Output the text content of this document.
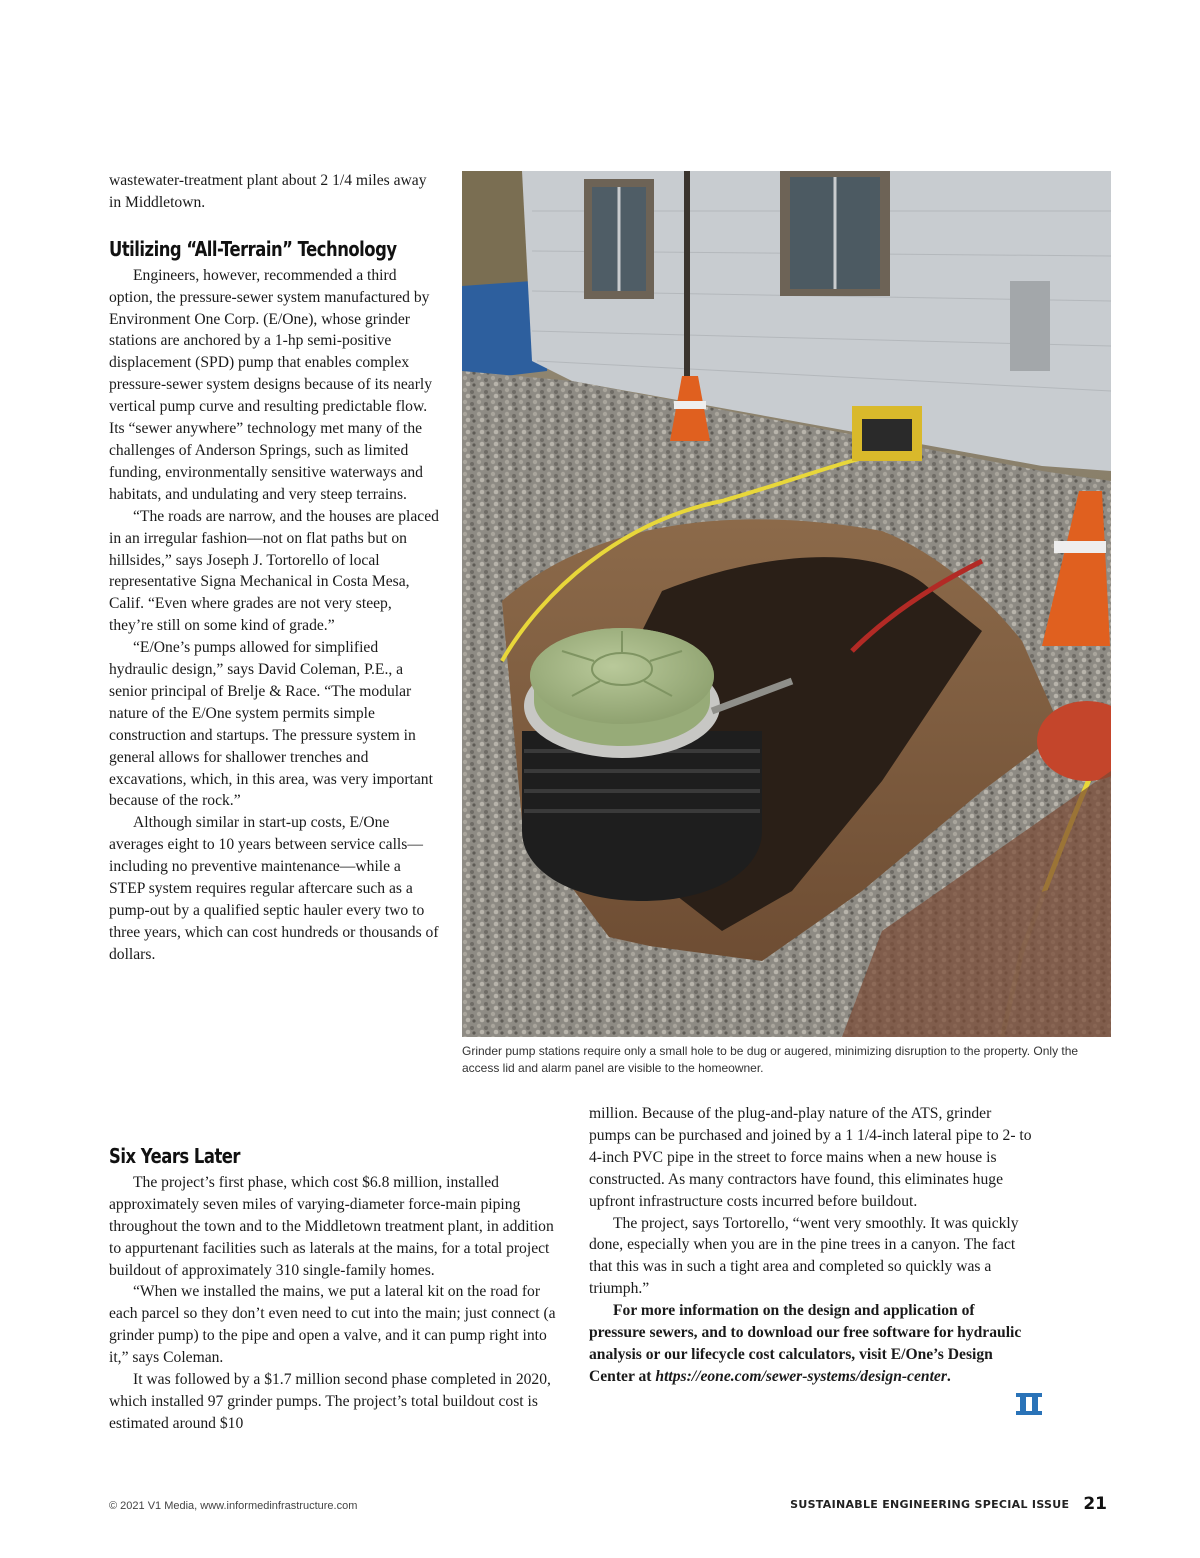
wastewater-treatment plant about 2 1/4 miles away in Middletown.

Utilizing “All-Terrain” Technology

Engineers, however, recommended a third option, the pressure-sewer system manufactured by Environment One Corp. (E/One), whose grinder stations are anchored by a 1-hp semi-positive displacement (SPD) pump that enables complex pressure-sewer system designs because of its nearly vertical pump curve and resulting predictable flow. Its “sewer anywhere” technology met many of the challenges of Anderson Springs, such as limited funding, environmentally sensitive waterways and habitats, and undulating and very steep terrains.

“The roads are narrow, and the houses are placed in an irregular fashion—not on flat paths but on hillsides,” says Joseph J. Tortorello of local representative Signa Mechanical in Costa Mesa, Calif. “Even where grades are not very steep, they’re still on some kind of grade.”

“E/One’s pumps allowed for simplified hydraulic design,” says David Coleman, P.E., a senior principal of Brelje & Race. “The modular nature of the E/One system permits simple construction and startups. The pressure system in general allows for shallower trenches and excavations, which, in this area, was very important because of the rock.”

Although similar in start-up costs, E/One averages eight to 10 years between service calls—including no preventive maintenance—while a STEP system requires regular aftercare such as a pump-out by a qualified septic hauler every two to three years, which can cost hundreds or thousands of dollars.

Grinder pump stations require only a small hole to be dug or augered, minimizing disruption to the property. Only the access lid and alarm panel are visible to the homeowner.
Six Years Later

The project’s first phase, which cost $6.8 million, installed approximately seven miles of varying-diameter force-main piping throughout the town and to the Middletown treatment plant, in addition to appurtenant facilities such as laterals at the mains, for a total project buildout of approximately 310 single-family homes.

“When we installed the mains, we put a lateral kit on the road for each parcel so they don’t even need to cut into the main; just connect (a grinder pump) to the pipe and open a valve, and it can pump right into it,” says Coleman.

It was followed by a $1.7 million second phase completed in 2020, which installed 97 grinder pumps. The project’s total buildout cost is estimated around $10

million. Because of the plug-and-play nature of the ATS, grinder pumps can be purchased and joined by a 1 1/4-inch lateral pipe to 2- to 4-inch PVC pipe in the street to force mains when a new house is constructed. As many contractors have found, this eliminates huge upfront infrastructure costs incurred before buildout.

The project, says Tortorello, “went very smoothly. It was quickly done, especially when you are in the pine trees in a canyon. The fact that this was in such a tight area and completed so quickly was a triumph.”

For more information on the design and application of pressure sewers, and to download our free software for hydraulic analysis or our lifecycle cost calculators, visit E/One’s Design Center at https://eone.com/sewer-systems/design-center.

© 2021 V1 Media, www.informedinfrastructure.com	SUSTAINABLE ENGINEERING SPECIAL ISSUE 21
